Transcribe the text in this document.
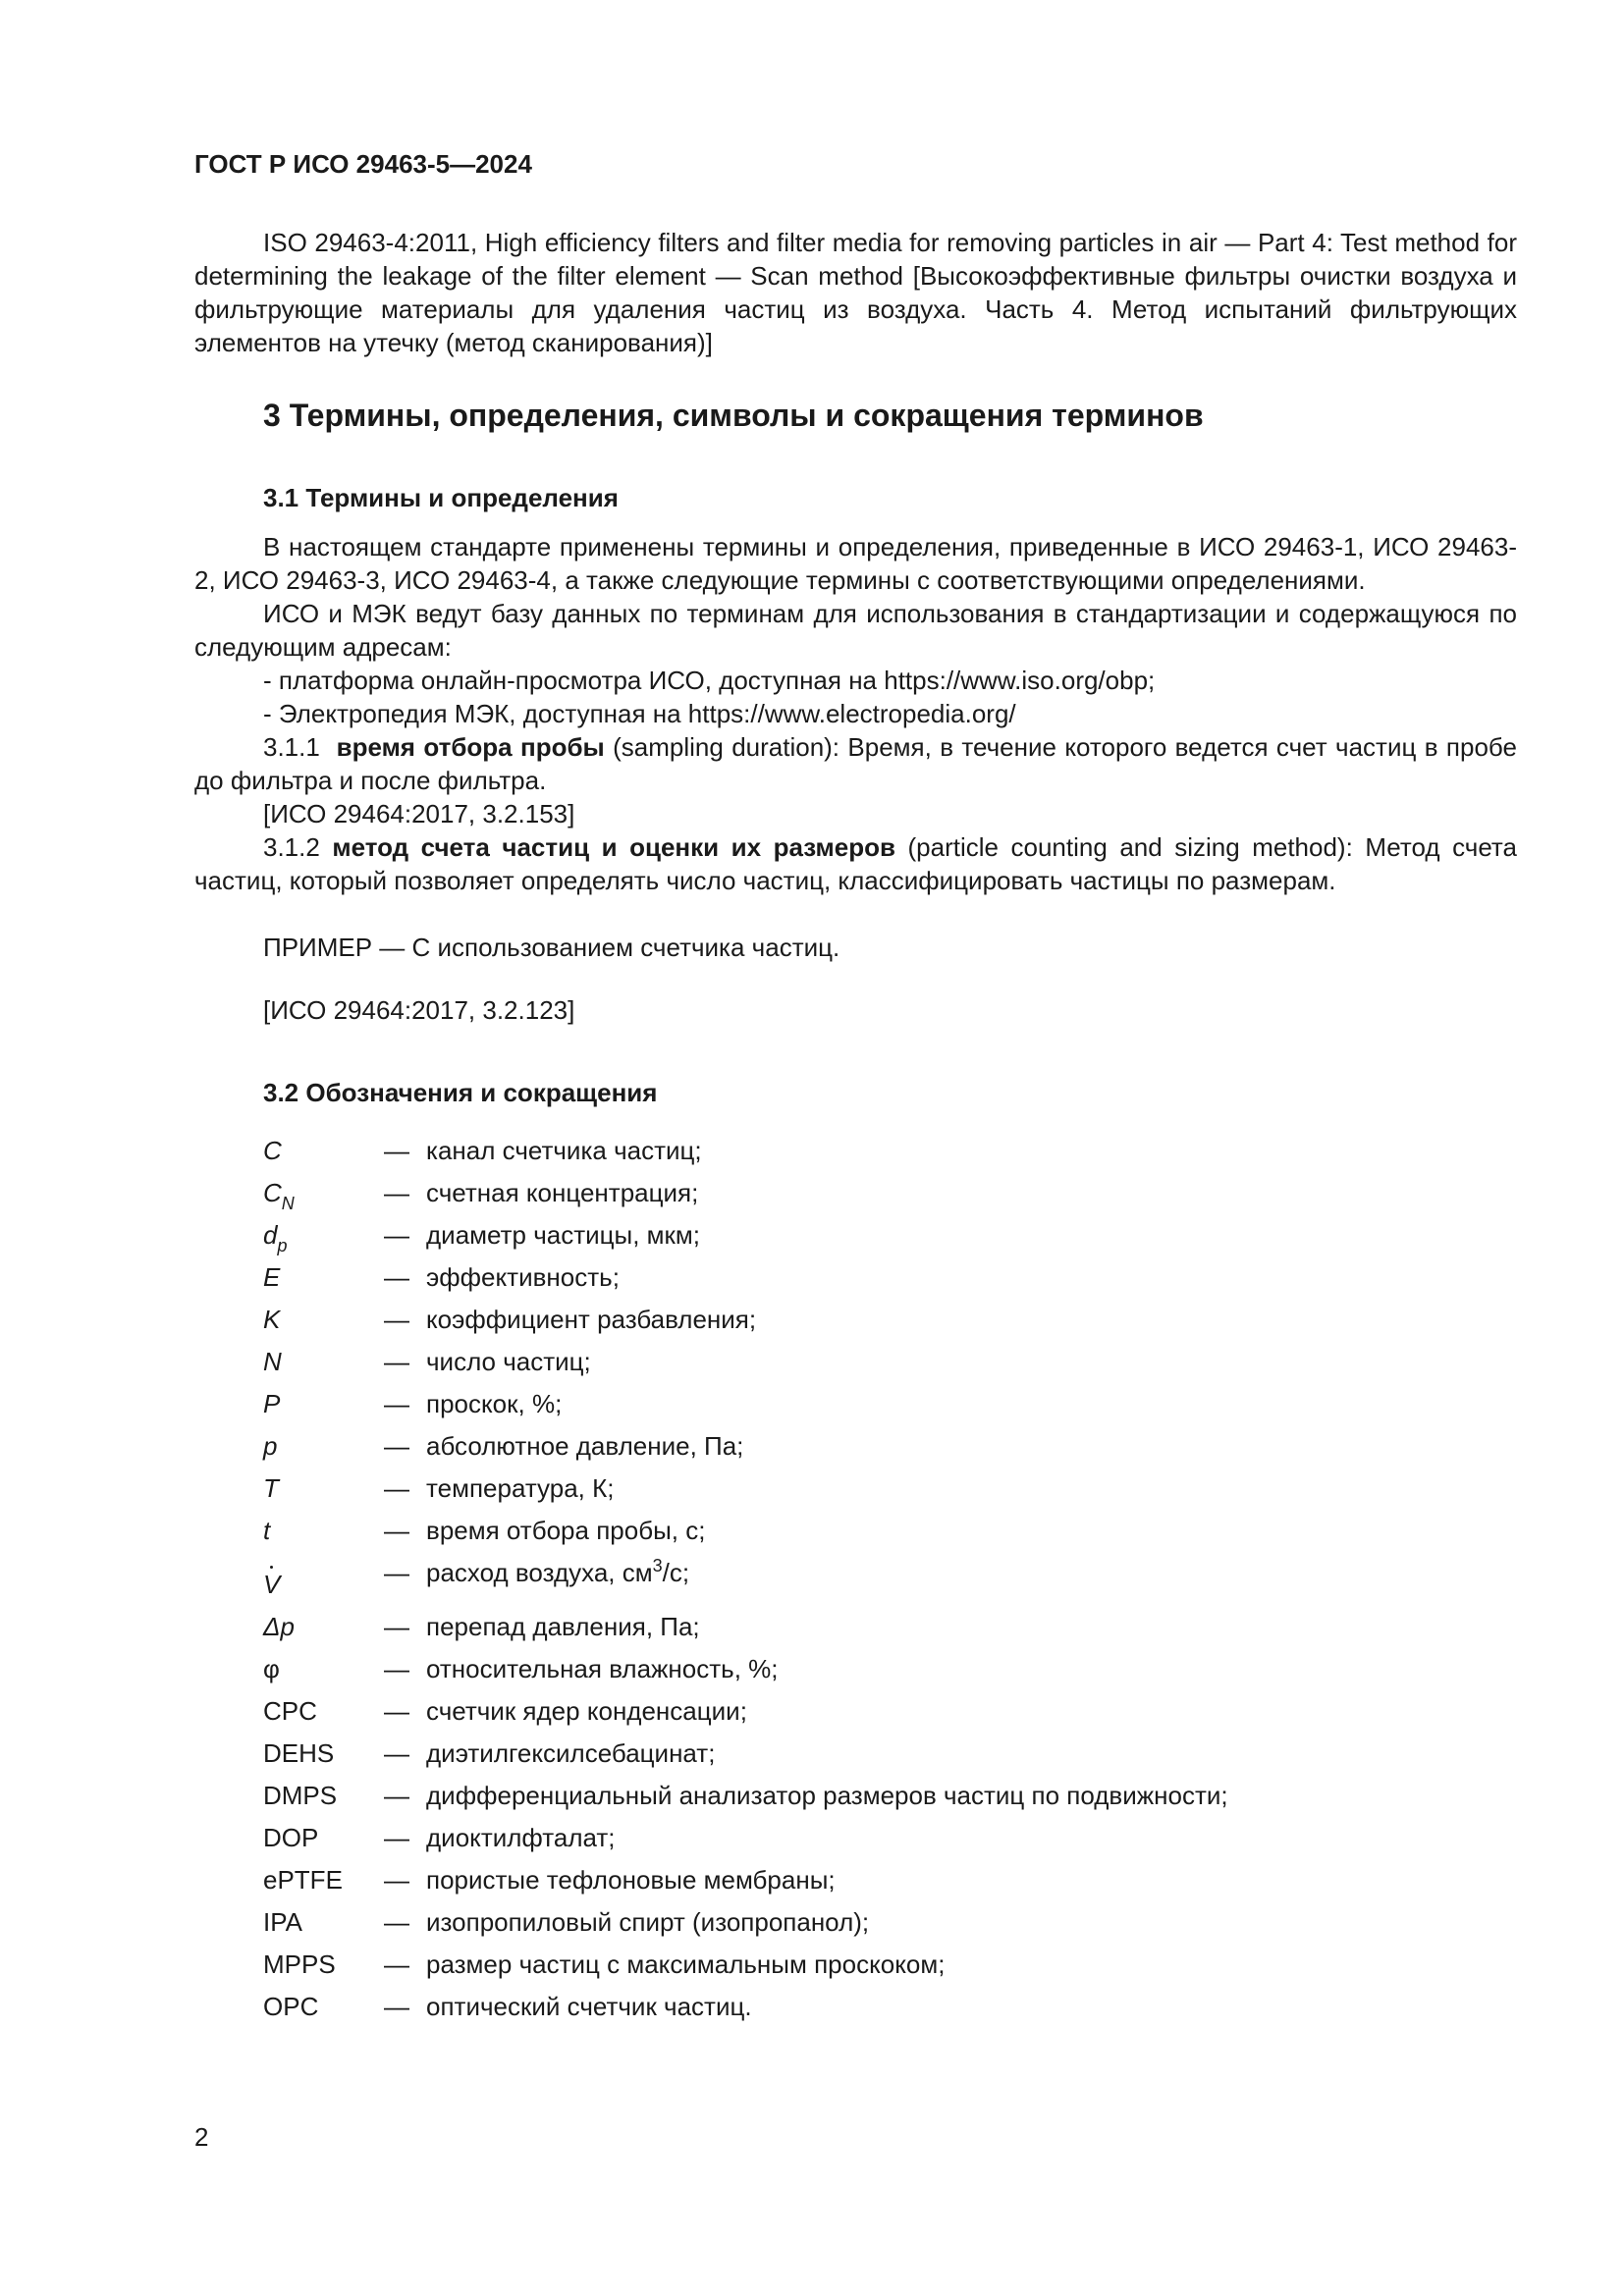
ГОСТ Р ИСО 29463-5—2024

ISO 29463-4:2011, High efficiency filters and filter media for removing particles in air — Part 4: Test method for determining the leakage of the filter element — Scan method [Высокоэффективные фильтры очистки воздуха и фильтрующие материалы для удаления частиц из воздуха. Часть 4. Метод испытаний фильтрующих элементов на утечку (метод сканирования)]

3 Термины, определения, символы и сокращения терминов
3.1 Термины и определения

В настоящем стандарте применены термины и определения, приведенные в ИСО 29463-1, ИСО 29463-2, ИСО 29463-3, ИСО 29463-4, а также следующие термины с соответствующими определениями.

ИСО и МЭК ведут базу данных по терминам для использования в стандартизации и содержащуюся по следующим адресам:

- платформа онлайн-просмотра ИСО, доступная на https://www.iso.org/obp;

- Электропедия МЭК, доступная на https://www.electropedia.org/

3.1.1 время отбора пробы (sampling duration): Время, в течение которого ведется счет частиц в пробе до фильтра и после фильтра.

[ИСО 29464:2017, 3.2.153]

3.1.2 метод счета частиц и оценки их размеров (particle counting and sizing method): Метод счета частиц, который позволяет определять число частиц, классифицировать частицы по размерам.

ПРИМЕР — С использованием счетчика частиц.

[ИСО 29464:2017, 3.2.123]

3.2 Обозначения и сокращения
C	— канал счетчика частиц;
$C_N$	— счетная концентрация;
$d_p$	— диаметр частицы, мкм;
E	— эффективность;
K	— коэффициент разбавления;
N	— число частиц;
P	— проскок, %;
p	— абсолютное давление, Па;
T	— температура, К;
t	— время отбора пробы, с;
V	— расход воздуха, $см^3/с$;
Δp	— перепад давления, Па;
φ	— относительная влажность, %;
CPC	— счетчик ядер конденсации;
DEHS	— диэтилгексилсебацинат;
DMPS	— дифференциальный анализатор размеров частиц по подвижности;
DOP	— диоктилфталат;
ePTFE	— пористые тефлоновые мембраны;
IPA	— изопропиловый спирт (изопропанол);
MPPS	— размер частиц с максимальным проскоком;
OPC	— оптический счетчик частиц.
2
